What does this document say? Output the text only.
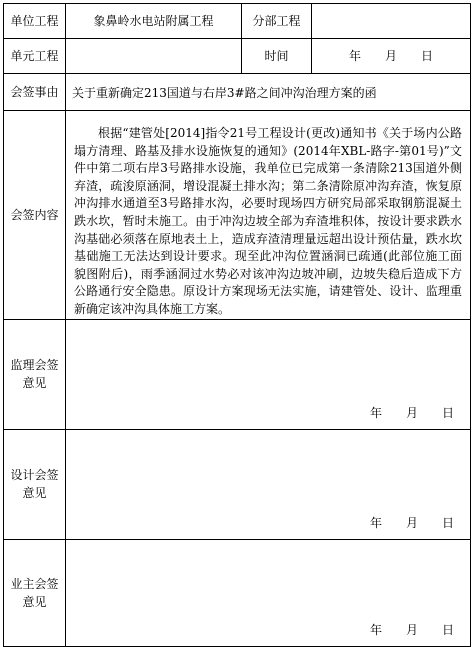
单位工程	象鼻岭水电站附属工程	分部工程	
单元工程		时间	年　　月　　日
会签事由	关于重新确定213国道与右岸3#路之间冲沟治理方案的函		
会签内容	根据“建管处[2014]指令21号工程设计(更改)通知书《关于场内公路塌方清理、路基及排水设施恢复的通知》(2014年XBL-路字-第01号)”文件中第二项右岸3号路排水设施，我单位已完成第一条清除213国道外侧弃渣，疏浚原涵洞，增设混凝土排水沟；第二条清除原冲沟弃渣，恢复原冲沟排水通道至3号路排水沟，必要时现场四方研究局部采取钢筋混凝土跌水坎，暂时未施工。由于冲沟边坡全部为弃渣堆积体，按设计要求跌水沟基础必须落在原地表土上，造成弃渣清理量远超出设计预估量，跌水坎基础施工无法达到设计要求。现至此冲沟位置涵洞已疏通(此部位施工面貌图附后)，雨季涵洞过水势必对该冲沟边坡冲刷，边坡失稳后造成下方公路通行安全隐患。原设计方案现场无法实施，请建管处、设计、监理重新确定该冲沟具体施工方案。		

监理会签
意见	年　　月　　日		

设计会签
意见	年　　月　　日		

业主会签
意见	年　　月　　日		
